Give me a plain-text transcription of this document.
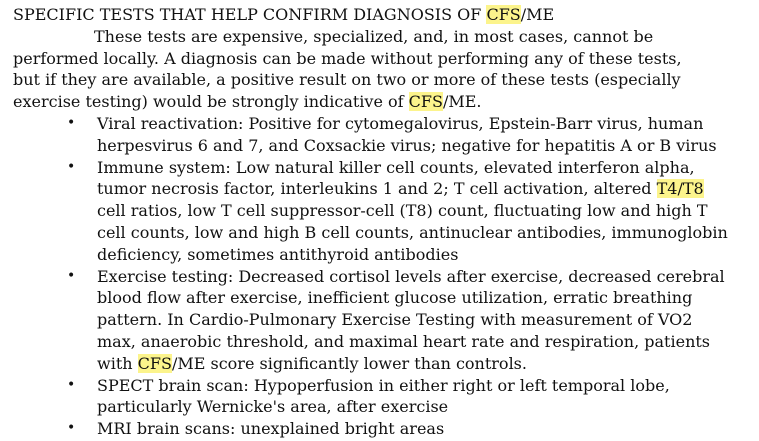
SPECIFIC TESTS THAT HELP CONFIRM DIAGNOSIS OF CFS/ME

These tests are expensive, specialized, and, in most cases, cannot be
performed locally. A diagnosis can be made without performing any of these tests,
but if they are available, a positive result on two or more of these tests (especially
exercise testing) would be strongly indicative of CFS/ME.

• Viral reactivation: Positive for cytomegalovirus, Epstein-Barr virus, human
herpesvirus 6 and 7, and Coxsackie virus; negative for hepatitis A or B virus
• Immune system: Low natural killer cell counts, elevated interferon alpha,
tumor necrosis factor, interleukins 1 and 2; T cell activation, altered T4/T8
cell ratios, low T cell suppressor-cell (T8) count, fluctuating low and high T
cell counts, low and high B cell counts, antinuclear antibodies, immunoglobin
deficiency, sometimes antithyroid antibodies
• Exercise testing: Decreased cortisol levels after exercise, decreased cerebral
blood flow after exercise, inefficient glucose utilization, erratic breathing
pattern. In Cardio-Pulmonary Exercise Testing with measurement of VO2
max, anaerobic threshold, and maximal heart rate and respiration, patients
with CFS/ME score significantly lower than controls.
• SPECT brain scan: Hypoperfusion in either right or left temporal lobe,
particularly Wernicke's area, after exercise
• MRI brain scans: unexplained bright areas
